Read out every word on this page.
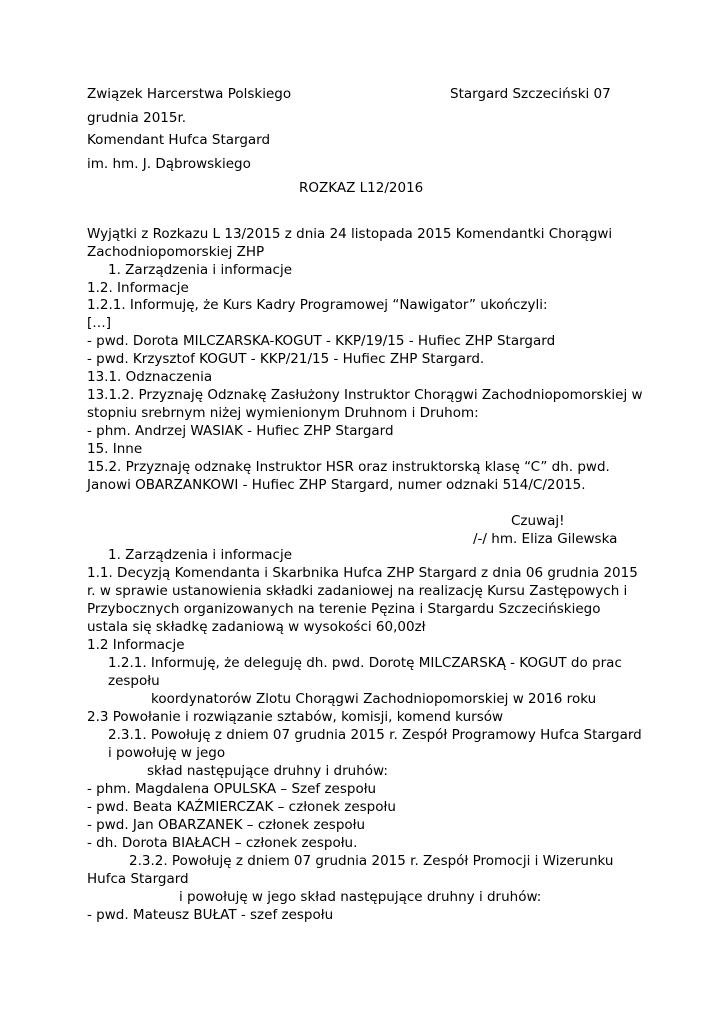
Związek Harcerstwa Polskiego	Stargard Szczeciński 07
grudnia 2015r.
Komendant Hufca Stargard
im. hm. J. Dąbrowskiego
ROZKAZ L12/2016
Wyjątki z Rozkazu L 13/2015 z dnia 24 listopada 2015 Komendantki Chorągwi
Zachodniopomorskiej ZHP
1. Zarządzenia i informacje
1.2. Informacje
1.2.1. Informuję, że Kurs Kadry Programowej “Nawigator” ukończyli:
[…]
- pwd. Dorota MILCZARSKA-KOGUT - KKP/19/15 - Hufiec ZHP Stargard
- pwd. Krzysztof KOGUT - KKP/21/15 - Hufiec ZHP Stargard.
13.1. Odznaczenia
13.1.2. Przyznaję Odznakę Zasłużony Instruktor Chorągwi Zachodniopomorskiej w
stopniu srebrnym niżej wymienionym Druhnom i Druhom:
- phm. Andrzej WASIAK - Hufiec ZHP Stargard
15. Inne
15.2. Przyznaję odznakę Instruktor HSR oraz instruktorską klasę “C” dh. pwd.
Janowi OBARZANKOWI - Hufiec ZHP Stargard, numer odznaki 514/C/2015.
Czuwaj!
/-/ hm. Eliza Gilewska
1. Zarządzenia i informacje
1.1. Decyzją Komendanta i Skarbnika Hufca ZHP Stargard z dnia 06 grudnia 2015
r. w sprawie ustanowienia składki zadaniowej na realizację Kursu Zastępowych i
Przybocznych organizowanych na terenie Pęzina i Stargardu Szczecińskiego
ustala się składkę zadaniową w wysokości 60,00zł
1.2 Informacje
1.2.1. Informuję, że deleguję dh. pwd. Dorotę MILCZARSKĄ - KOGUT do prac
zespołu
koordynatorów Zlotu Chorągwi Zachodniopomorskiej w 2016 roku
2.3 Powołanie i rozwiązanie sztabów, komisji, komend kursów
2.3.1. Powołuję z dniem 07 grudnia 2015 r. Zespół Programowy Hufca Stargard
i powołuję w jego
skład następujące druhny i druhów:
- phm. Magdalena OPULSKA – Szef zespołu
- pwd. Beata KAŹMIERCZAK – członek zespołu
- pwd. Jan OBARZANEK – członek zespołu
- dh. Dorota BIAŁACH – członek zespołu.
2.3.2. Powołuję z dniem 07 grudnia 2015 r. Zespół Promocji i Wizerunku
Hufca Stargard
i powołuję w jego skład następujące druhny i druhów:
- pwd. Mateusz BUŁAT - szef zespołu
